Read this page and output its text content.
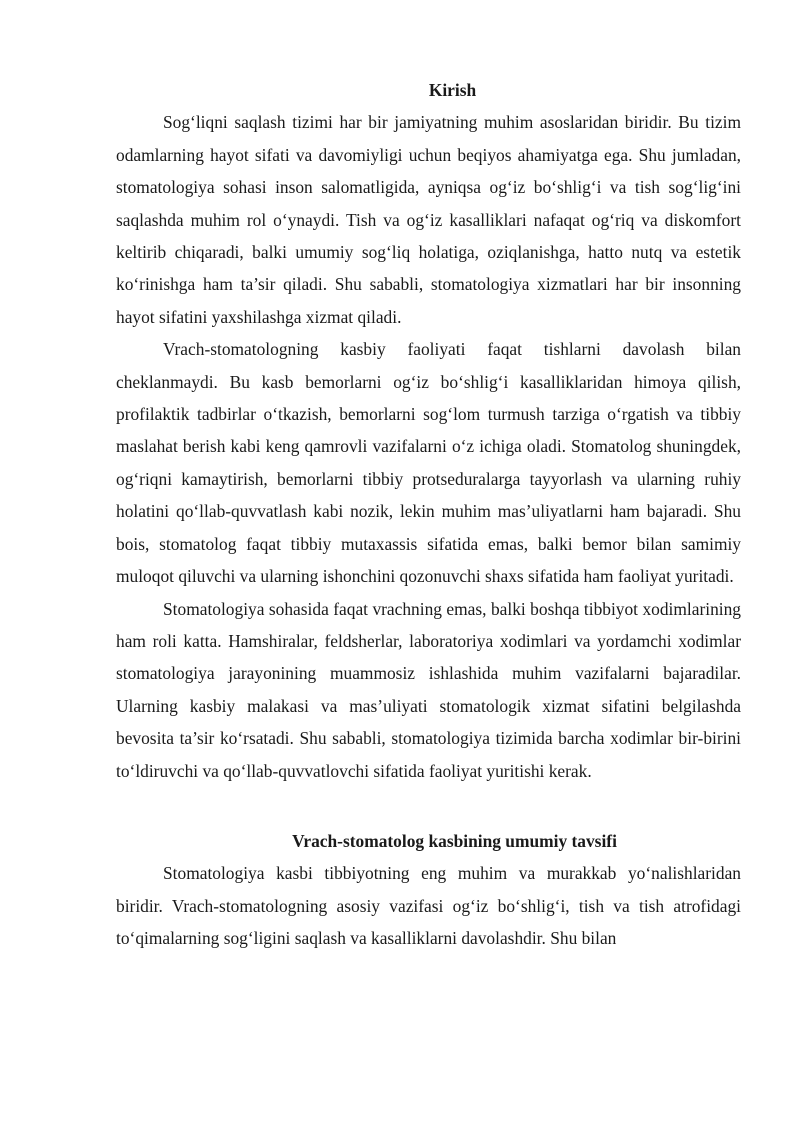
Kirish

Sog‘liqni saqlash tizimi har bir jamiyatning muhim asoslaridan biridir. Bu tizim odamlarning hayot sifati va davomiyligi uchun beqiyos ahamiyatga ega. Shu jumladan, stomatologiya sohasi inson salomatligida, ayniqsa og‘iz bo‘shlig‘i va tish sog‘lig‘ini saqlashda muhim rol o‘ynaydi. Tish va og‘iz kasalliklari nafaqat og‘riq va diskomfort keltirib chiqaradi, balki umumiy sog‘liq holatiga, oziqlanishga, hatto nutq va estetik ko‘rinishga ham ta’sir qiladi. Shu sababli, stomatologiya xizmatlari har bir insonning hayot sifatini yaxshilashga xizmat qiladi.

Vrach-stomatologning kasbiy faoliyati faqat tishlarni davolash bilan cheklanmaydi. Bu kasb bemorlarni og‘iz bo‘shlig‘i kasalliklaridan himoya qilish, profilaktik tadbirlar o‘tkazish, bemorlarni sog‘lom turmush tarziga o‘rgatish va tibbiy maslahat berish kabi keng qamrovli vazifalarni o‘z ichiga oladi. Stomatolog shuningdek, og‘riqni kamaytirish, bemorlarni tibbiy protseduralarga tayyorlash va ularning ruhiy holatini qo‘llab-quvvatlash kabi nozik, lekin muhim mas’uliyatlarni ham bajaradi. Shu bois, stomatolog faqat tibbiy mutaxassis sifatida emas, balki bemor bilan samimiy muloqot qiluvchi va ularning ishonchini qozonuvchi shaxs sifatida ham faoliyat yuritadi.

Stomatologiya sohasida faqat vrachning emas, balki boshqa tibbiyot xodimlarining ham roli katta. Hamshiralar, feldsherlar, laboratoriya xodimlari va yordamchi xodimlar stomatologiya jarayonining muammosiz ishlashida muhim vazifalarni bajaradilar. Ularning kasbiy malakasi va mas’uliyati stomatologik xizmat sifatini belgilashda bevosita ta’sir ko‘rsatadi. Shu sababli, stomatologiya tizimida barcha xodimlar bir-birini to‘ldiruvchi va qo‘llab-quvvatlovchi sifatida faoliyat yuritishi kerak.

Vrach-stomatolog kasbining umumiy tavsifi

Stomatologiya kasbi tibbiyotning eng muhim va murakkab yo‘nalishlaridan biridir. Vrach-stomatologning asosiy vazifasi og‘iz bo‘shlig‘i, tish va tish atrofidagi to‘qimalarning sog‘ligini saqlash va kasalliklarni davolashdir. Shu bilan
